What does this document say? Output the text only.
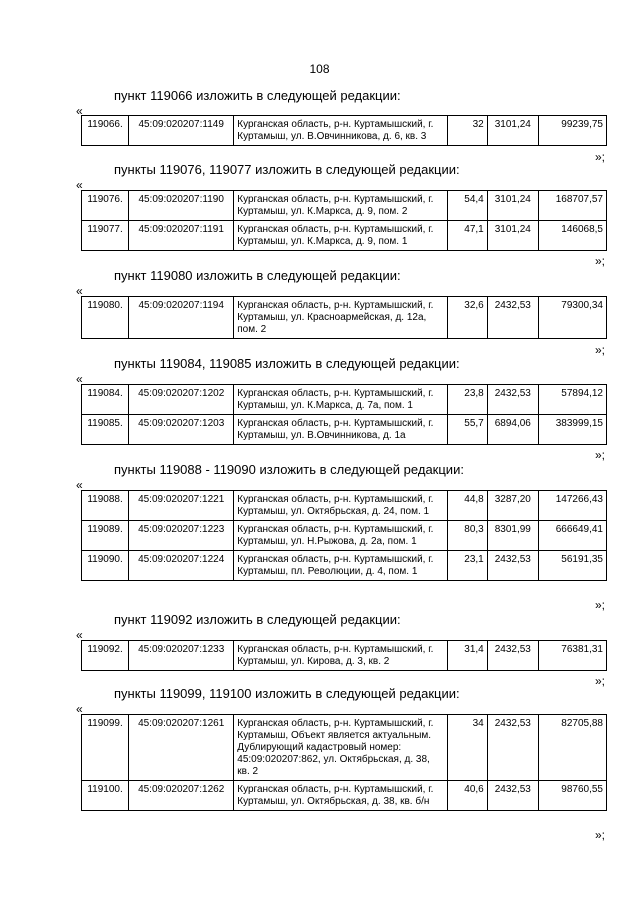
108
пункт 119066 изложить в следующей редакции:
«
119066.	45:09:020207:1149	Курганская область, р-н. Куртамышский, г. Куртамыш, ул. В.Овчинникова, д. 6, кв. 3	32	3101,24	99239,75
»;
пункты 119076, 119077 изложить в следующей редакции:
«
119076.	45:09:020207:1190	Курганская область, р-н. Куртамышский, г. Куртамыш, ул. К.Маркса, д. 9, пом. 2	54,4	3101,24	168707,57
119077.	45:09:020207:1191	Курганская область, р-н. Куртамышский, г. Куртамыш, ул. К.Маркса, д. 9, пом. 1	47,1	3101,24	146068,5
»;
пункт 119080 изложить в следующей редакции:
«
119080.	45:09:020207:1194	Курганская область, р-н. Куртамышский, г. Куртамыш, ул. Красноармейская, д. 12а, пом. 2	32,6	2432,53	79300,34
»;
пункты 119084, 119085 изложить в следующей редакции:
«
119084.	45:09:020207:1202	Курганская область, р-н. Куртамышский, г. Куртамыш, ул. К.Маркса, д. 7а, пом. 1	23,8	2432,53	57894,12
119085.	45:09:020207:1203	Курганская область, р-н. Куртамышский, г. Куртамыш, ул. В.Овчинникова, д. 1а	55,7	6894,06	383999,15
»;
пункты 119088 - 119090 изложить в следующей редакции:
«
119088.	45:09:020207:1221	Курганская область, р-н. Куртамышский, г. Куртамыш, ул. Октябрьская, д. 24, пом. 1	44,8	3287,20	147266,43
119089.	45:09:020207:1223	Курганская область, р-н. Куртамышский, г. Куртамыш, ул. Н.Рыжова, д. 2а, пом. 1	80,3	8301,99	666649,41
119090.	45:09:020207:1224	Курганская область, р-н. Куртамышский, г. Куртамыш, пл. Революции, д. 4, пом. 1	23,1	2432,53	56191,35
»;
пункт 119092 изложить в следующей редакции:
«
119092.	45:09:020207:1233	Курганская область, р-н. Куртамышский, г. Куртамыш, ул. Кирова, д. 3, кв. 2	31,4	2432,53	76381,31
»;
пункты 119099, 119100 изложить в следующей редакции:
«
119099.	45:09:020207:1261	Курганская область, р-н. Куртамышский, г. Куртамыш, Объект является актуальным. Дублирующий кадастровый номер: 45:09:020207:862, ул. Октябрьская, д. 38, кв. 2	34	2432,53	82705,88
119100.	45:09:020207:1262	Курганская область, р-н. Куртамышский, г. Куртамыш, ул. Октябрьская, д. 38, кв. б/н	40,6	2432,53	98760,55
»;
